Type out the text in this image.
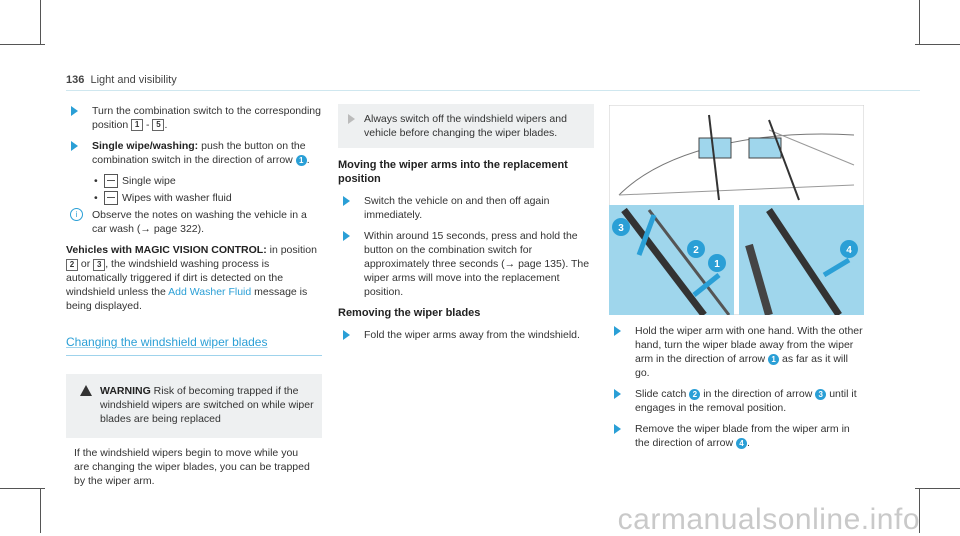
136 Light and visibility
Turn the combination switch to the corresponding position 1 - 5 .
Single wipe/washing: push the button on the combination switch in the direction of arrow 1 .
• Single wipe
• Wipes with washer fluid
i	Observe the notes on washing the vehicle in a car wash (→ page 322).
Vehicles with MAGIC VISION CONTROL: in position 2 or 3 , the windshield washing process is automatically triggered if dirt is detected on the windshield unless the Add Washer Fluid message is being displayed.
Changing the windshield wiper blades
WARNING Risk of becoming trapped if the windshield wipers are switched on while wiper blades are being replaced
If the windshield wipers begin to move while you are changing the wiper blades, you can be trapped by the wiper arm.
Always switch off the windshield wipers and vehicle before changing the wiper blades.
Moving the wiper arms into the replacement position
Switch the vehicle on and then off again immediately.
Within around 15 seconds, press and hold the button on the combination switch for approximately three seconds (→ page 135). The wiper arms will move into the replacement position.
Removing the wiper blades
Fold the wiper arms away from the windshield.
3
2
1
4
Hold the wiper arm with one hand. With the other hand, turn the wiper blade away from the wiper arm in the direction of arrow 1 as far as it will go.
Slide catch 2 in the direction of arrow 3 until it engages in the removal position.
Remove the wiper blade from the wiper arm in the direction of arrow 4 .
carmanualsonline.info
